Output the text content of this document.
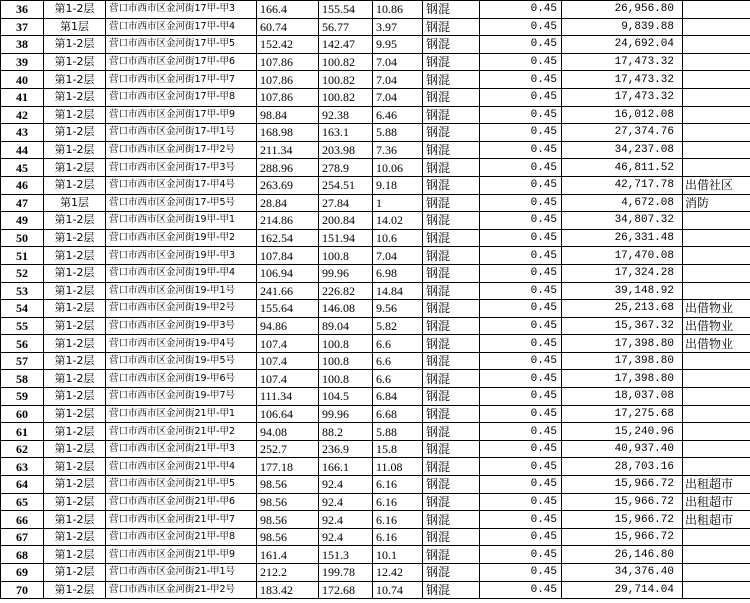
36	第1-2层	营口市西市区金河街17甲-甲3	166.4	155.54	10.86	钢混	0.45	26,956.80	
37	第1层	营口市西市区金河街17甲-甲4	60.74	56.77	3.97	钢混	0.45	9,839.88	
38	第1-2层	营口市西市区金河街17甲-甲5	152.42	142.47	9.95	钢混	0.45	24,692.04	
39	第1-2层	营口市西市区金河街17甲-甲6	107.86	100.82	7.04	钢混	0.45	17,473.32	
40	第1-2层	营口市西市区金河街17甲-甲7	107.86	100.82	7.04	钢混	0.45	17,473.32	
41	第1-2层	营口市西市区金河街17甲-甲8	107.86	100.82	7.04	钢混	0.45	17,473.32	
42	第1-2层	营口市西市区金河街17甲-甲9	98.84	92.38	6.46	钢混	0.45	16,012.08	
43	第1-2层	营口市西市区金河街17-甲1号	168.98	163.1	5.88	钢混	0.45	27,374.76	
44	第1-2层	营口市西市区金河街17-甲2号	211.34	203.98	7.36	钢混	0.45	34,237.08	
45	第1-2层	营口市西市区金河街17-甲3号	288.96	278.9	10.06	钢混	0.45	46,811.52	
46	第1-2层	营口市西市区金河街17-甲4号	263.69	254.51	9.18	钢混	0.45	42,717.78	出借社区
47	第1层	营口市西市区金河街17-甲5号	28.84	27.84	1	钢混	0.45	4,672.08	消防
49	第1-2层	营口市西市区金河街19甲-甲1	214.86	200.84	14.02	钢混	0.45	34,807.32	
50	第1-2层	营口市西市区金河街19甲-甲2	162.54	151.94	10.6	钢混	0.45	26,331.48	
51	第1-2层	营口市西市区金河街19甲-甲3	107.84	100.8	7.04	钢混	0.45	17,470.08	
52	第1-2层	营口市西市区金河街19甲-甲4	106.94	99.96	6.98	钢混	0.45	17,324.28	
53	第1-2层	营口市西市区金河街19-甲1号	241.66	226.82	14.84	钢混	0.45	39,148.92	
54	第1-2层	营口市西市区金河街19-甲2号	155.64	146.08	9.56	钢混	0.45	25,213.68	出借物业
55	第1-2层	营口市西市区金河街19-甲3号	94.86	89.04	5.82	钢混	0.45	15,367.32	出借物业
56	第1-2层	营口市西市区金河街19-甲4号	107.4	100.8	6.6	钢混	0.45	17,398.80	出借物业
57	第1-2层	营口市西市区金河街19-甲5号	107.4	100.8	6.6	钢混	0.45	17,398.80	
58	第1-2层	营口市西市区金河街19-甲6号	107.4	100.8	6.6	钢混	0.45	17,398.80	
59	第1-2层	营口市西市区金河街19-甲7号	111.34	104.5	6.84	钢混	0.45	18,037.08	
60	第1-2层	营口市西市区金河街21甲-甲1	106.64	99.96	6.68	钢混	0.45	17,275.68	
61	第1-2层	营口市西市区金河街21甲-甲2	94.08	88.2	5.88	钢混	0.45	15,240.96	
62	第1-2层	营口市西市区金河街21甲-甲3	252.7	236.9	15.8	钢混	0.45	40,937.40	
63	第1-2层	营口市西市区金河街21甲-甲4	177.18	166.1	11.08	钢混	0.45	28,703.16	
64	第1-2层	营口市西市区金河街21甲-甲5	98.56	92.4	6.16	钢混	0.45	15,966.72	出租超市
65	第1-2层	营口市西市区金河街21甲-甲6	98.56	92.4	6.16	钢混	0.45	15,966.72	出租超市
66	第1-2层	营口市西市区金河街21甲-甲7	98.56	92.4	6.16	钢混	0.45	15,966.72	出租超市
67	第1-2层	营口市西市区金河街21甲-甲8	98.56	92.4	6.16	钢混	0.45	15,966.72	
68	第1-2层	营口市西市区金河街21甲-甲9	161.4	151.3	10.1	钢混	0.45	26,146.80	
69	第1-2层	营口市西市区金河街21-甲1号	212.2	199.78	12.42	钢混	0.45	34,376.40	
70	第1-2层	营口市西市区金河街21-甲2号	183.42	172.68	10.74	钢混	0.45	29,714.04	
